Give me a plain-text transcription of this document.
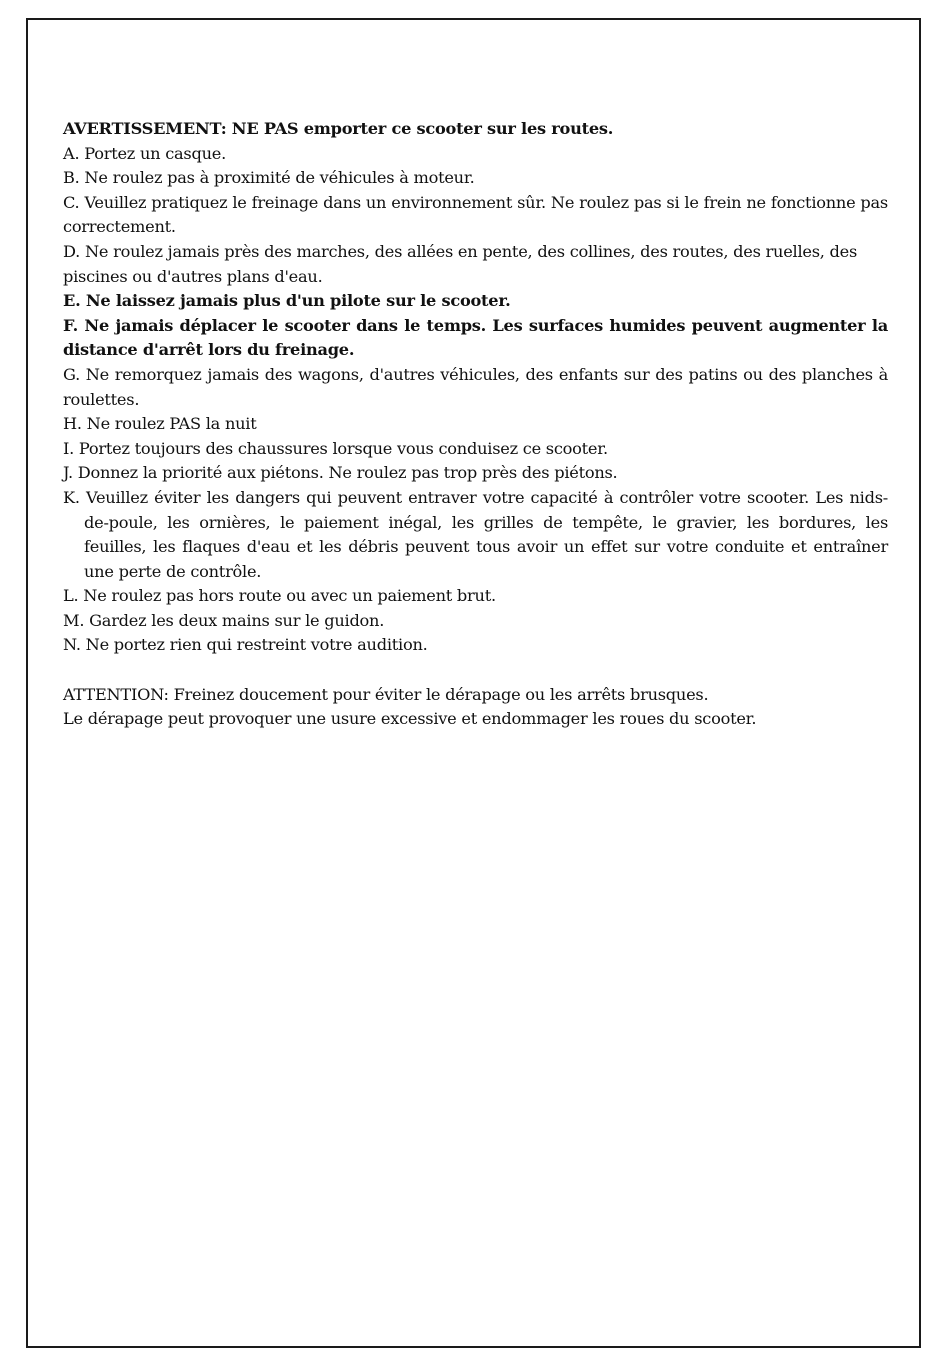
AVERTISSEMENT: NE PAS emporter ce scooter sur les routes.

A. Portez un casque.

B. Ne roulez pas à proximité de véhicules à moteur.

C. Veuillez pratiquez le freinage dans un environnement sûr. Ne roulez pas si le frein ne fonctionne pas correctement.

D. Ne roulez jamais près des marches, des allées en pente, des collines, des routes, des ruelles, des piscines ou d'autres plans d'eau.

E. Ne laissez jamais plus d'un pilote sur le scooter.

F. Ne jamais déplacer le scooter dans le temps. Les surfaces humides peuvent augmenter la distance d'arrêt lors du freinage.

G. Ne remorquez jamais des wagons, d'autres véhicules, des enfants sur des patins ou des planches à roulettes.

H. Ne roulez PAS la nuit

I. Portez toujours des chaussures lorsque vous conduisez ce scooter.

J. Donnez la priorité aux piétons. Ne roulez pas trop près des piétons.

K. Veuillez éviter les dangers qui peuvent entraver votre capacité à contrôler votre scooter. Les nids-de-poule, les ornières, le paiement inégal, les grilles de tempête, le gravier, les bordures, les feuilles, les flaques d'eau et les débris peuvent tous avoir un effet sur votre conduite et entraîner une perte de contrôle.

L. Ne roulez pas hors route ou avec un paiement brut.

M. Gardez les deux mains sur le guidon.

N. Ne portez rien qui restreint votre audition.

ATTENTION: Freinez doucement pour éviter le dérapage ou les arrêts brusques.

Le dérapage peut provoquer une usure excessive et endommager les roues du scooter.
